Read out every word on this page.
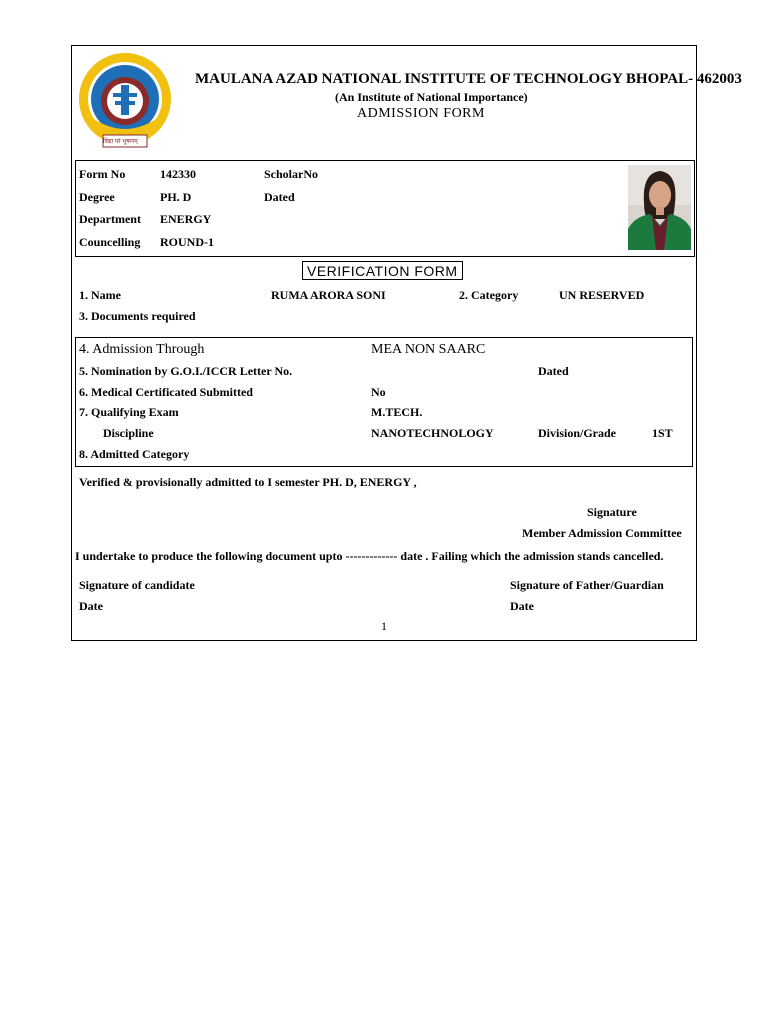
विद्या परं भूषणम्
MAULANA AZAD NATIONAL INSTITUTE OF TECHNOLOGY BHOPAL- 462003
(An Institute of National Importance)
ADMISSION FORM
Form No	142330	ScholarNo
Degree	PH. D	Dated
Department ENERGY
Councelling ROUND-1
VERIFICATION FORM
1. Name	RUMA ARORA SONI	2. Category	UN RESERVED
3. Documents required
4. Admission Through	MEA NON SAARC
5. Nomination by G.O.I./ICCR Letter No.	Dated
6. Medical Certificated Submitted	No
7. Qualifying Exam	M.TECH.
Discipline	NANOTECHNOLOGY	Division/Grade	1ST
8. Admitted Category
Verified & provisionally admitted to I semester PH. D, ENERGY ,
Signature
Member Admission Committee
I undertake to produce the following document upto ------------- date . Failing which the admission stands cancelled.
Signature of candidate	Signature of Father/Guardian
Date	Date
1
